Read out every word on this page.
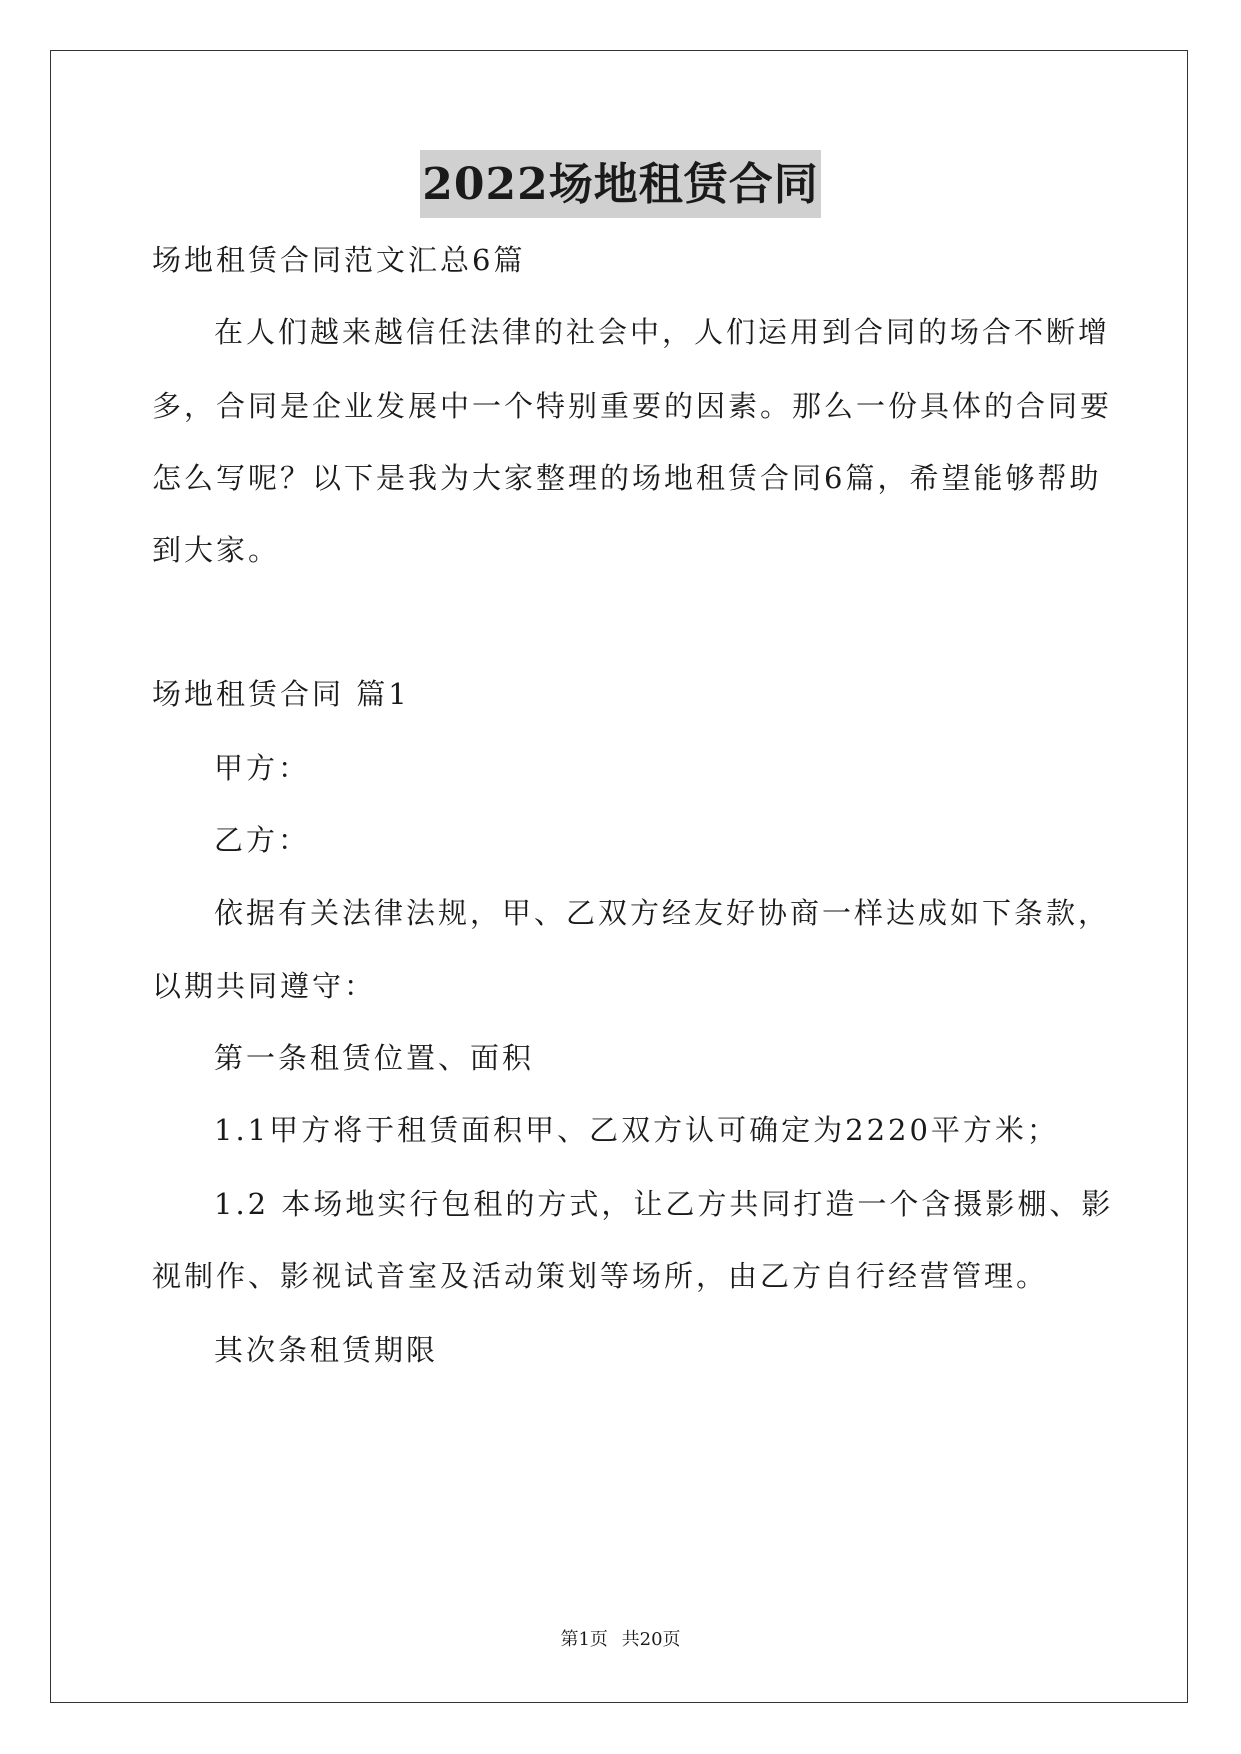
2022场地租赁合同
场地租赁合同范文汇总6篇
在人们越来越信任法律的社会中，人们运用到合同的场合不断增
多，合同是企业发展中一个特别重要的因素。那么一份具体的合同要
怎么写呢？以下是我为大家整理的场地租赁合同6篇，希望能够帮助
到大家。
场地租赁合同 篇1
甲方：
乙方：
依据有关法律法规，甲、乙双方经友好协商一样达成如下条款，
以期共同遵守：
第一条租赁位置、面积
1.1甲方将于租赁面积甲、乙双方认可确定为2220平方米；
1.2 本场地实行包租的方式，让乙方共同打造一个含摄影棚、影
视制作、影视试音室及活动策划等场所，由乙方自行经营管理。
其次条租赁期限
第1页 共20页
